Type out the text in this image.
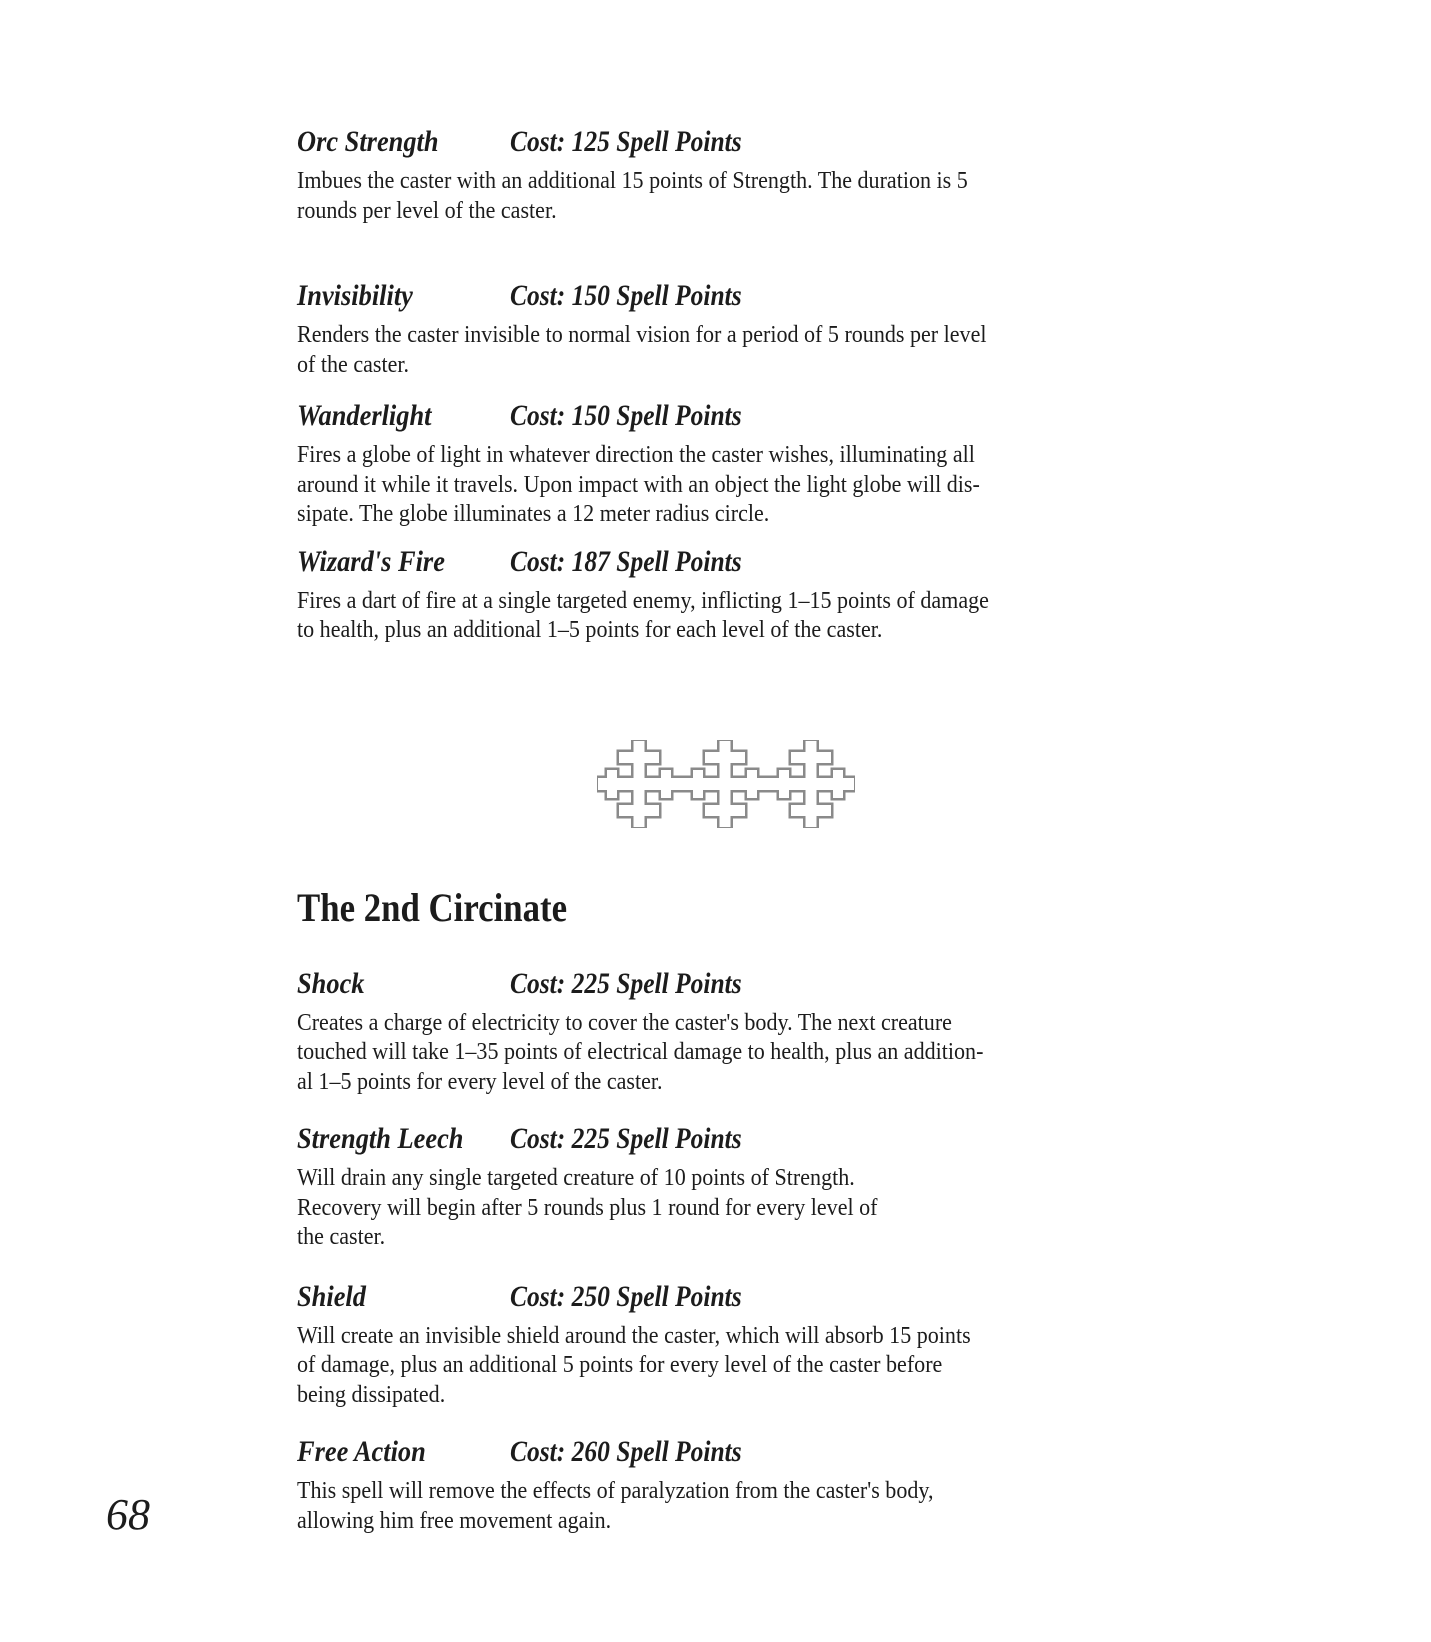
Orc Strength	Cost: 125 Spell Points
Imbues the caster with an additional 15 points of Strength. The duration is 5
rounds per level of the caster.
Invisibility	Cost: 150 Spell Points
Renders the caster invisible to normal vision for a period of 5 rounds per level
of the caster.
Wanderlight	Cost: 150 Spell Points
Fires a globe of light in whatever direction the caster wishes, illuminating all
around it while it travels. Upon impact with an object the light globe will dis-
sipate. The globe illuminates a 12 meter radius circle.
Wizard's Fire	Cost: 187 Spell Points
Fires a dart of fire at a single targeted enemy, inflicting 1–15 points of damage
to health, plus an additional 1–5 points for each level of the caster.
The 2nd Circinate
Shock	Cost: 225 Spell Points
Creates a charge of electricity to cover the caster's body. The next creature
touched will take 1–35 points of electrical damage to health, plus an addition-
al 1–5 points for every level of the caster.
Strength Leech	Cost: 225 Spell Points
Will drain any single targeted creature of 10 points of Strength.
Recovery will begin after 5 rounds plus 1 round for every level of
the caster.
Shield	Cost: 250 Spell Points
Will create an invisible shield around the caster, which will absorb 15 points
of damage, plus an additional 5 points for every level of the caster before
being dissipated.
Free Action	Cost: 260 Spell Points
This spell will remove the effects of paralyzation from the caster's body,
allowing him free movement again.
68
